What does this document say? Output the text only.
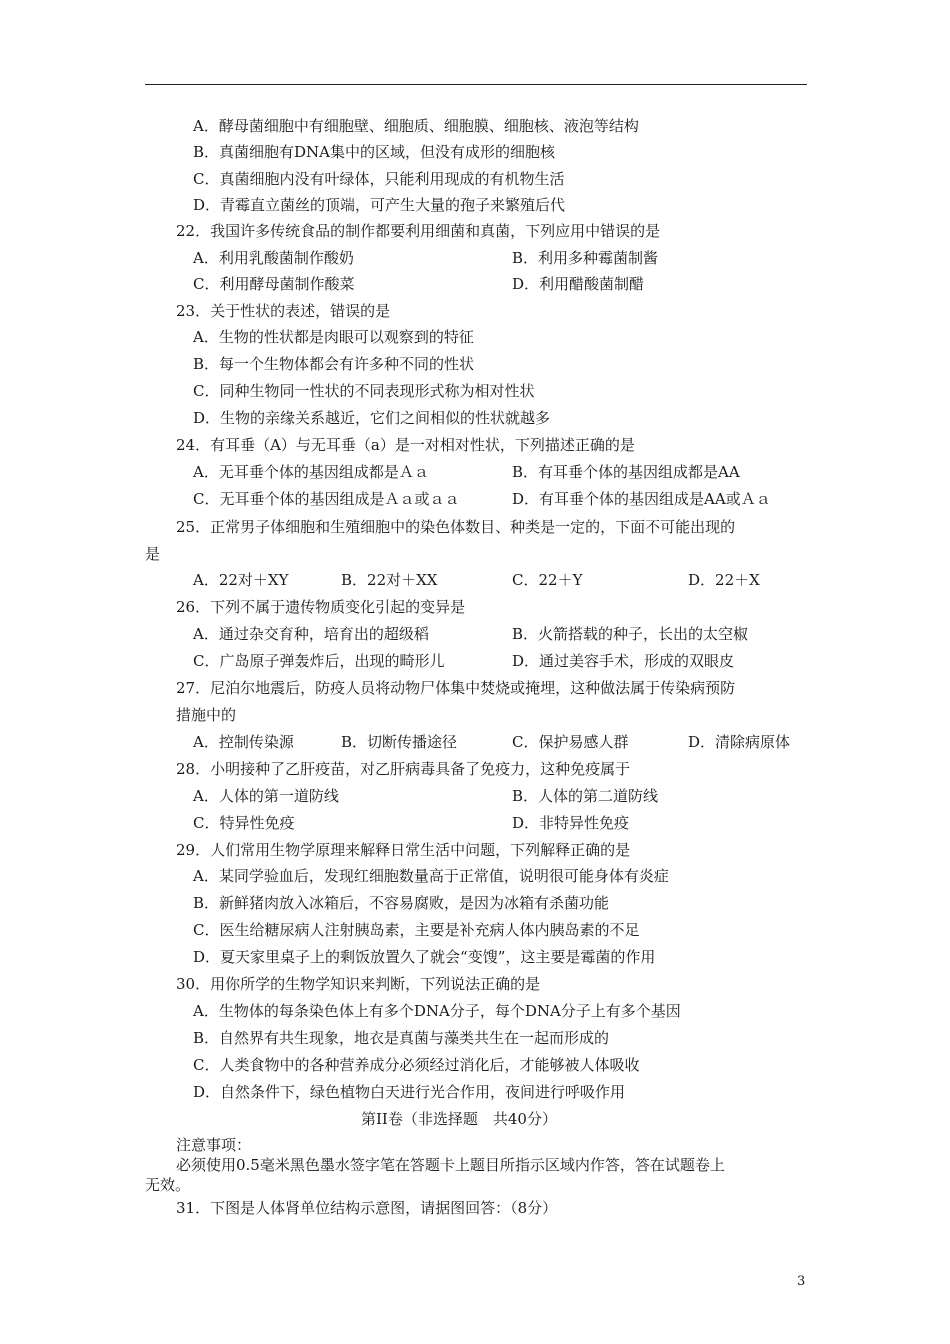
A．酵母菌细胞中有细胞壁、细胞质、细胞膜、细胞核、液泡等结构
B．真菌细胞有DNA集中的区域，但没有成形的细胞核
C．真菌细胞内没有叶绿体，只能利用现成的有机物生活
D．青霉直立菌丝的顶端，可产生大量的孢子来繁殖后代
22．我国许多传统食品的制作都要利用细菌和真菌，下列应用中错误的是
A．利用乳酸菌制作酸奶	B．利用多种霉菌制酱
C．利用酵母菌制作酸菜	D．利用醋酸菌制醋
23．关于性状的表述，错误的是
A．生物的性状都是肉眼可以观察到的特征
B．每一个生物体都会有许多种不同的性状
C．同种生物同一性状的不同表现形式称为相对性状
D．生物的亲缘关系越近，它们之间相似的性状就越多
24．有耳垂（A）与无耳垂（a）是一对相对性状，下列描述正确的是
A．无耳垂个体的基因组成都是Ａａ	B．有耳垂个体的基因组成都是AA
C．无耳垂个体的基因组成是Ａａ或ａａ	D．有耳垂个体的基因组成是AA或Ａａ
25．正常男子体细胞和生殖细胞中的染色体数目、种类是一定的，下面不可能出现的
是
A．22对＋XY	B．22对＋XX	C．22＋Y	D．22＋X
26．下列不属于遗传物质变化引起的变异是
A．通过杂交育种，培育出的超级稻	B．火箭搭载的种子，长出的太空椒
C．广岛原子弹轰炸后，出现的畸形儿	D．通过美容手术，形成的双眼皮
27．尼泊尔地震后，防疫人员将动物尸体集中焚烧或掩埋，这种做法属于传染病预防
措施中的
A．控制传染源	B．切断传播途径	C．保护易感人群	D．清除病原体
28．小明接种了乙肝疫苗，对乙肝病毒具备了免疫力，这种免疫属于
A．人体的第一道防线	B．人体的第二道防线
C．特异性免疫	D．非特异性免疫
29．人们常用生物学原理来解释日常生活中问题，下列解释正确的是
A．某同学验血后，发现红细胞数量高于正常值，说明很可能身体有炎症
B．新鲜猪肉放入冰箱后，不容易腐败，是因为冰箱有杀菌功能
C．医生给糖尿病人注射胰岛素，主要是补充病人体内胰岛素的不足
D．夏天家里桌子上的剩饭放置久了就会“变馊”，这主要是霉菌的作用
30．用你所学的生物学知识来判断，下列说法正确的是
A．生物体的每条染色体上有多个DNA分子，每个DNA分子上有多个基因
B．自然界有共生现象，地衣是真菌与藻类共生在一起而形成的
C．人类食物中的各种营养成分必须经过消化后，才能够被人体吸收
D．自然条件下，绿色植物白天进行光合作用，夜间进行呼吸作用
第II卷（非选择题　共40分）
注意事项：
必须使用0.5毫米黑色墨水签字笔在答题卡上题目所指示区域内作答，答在试题卷上
无效。
31．下图是人体肾单位结构示意图，请据图回答：（8分）
3
